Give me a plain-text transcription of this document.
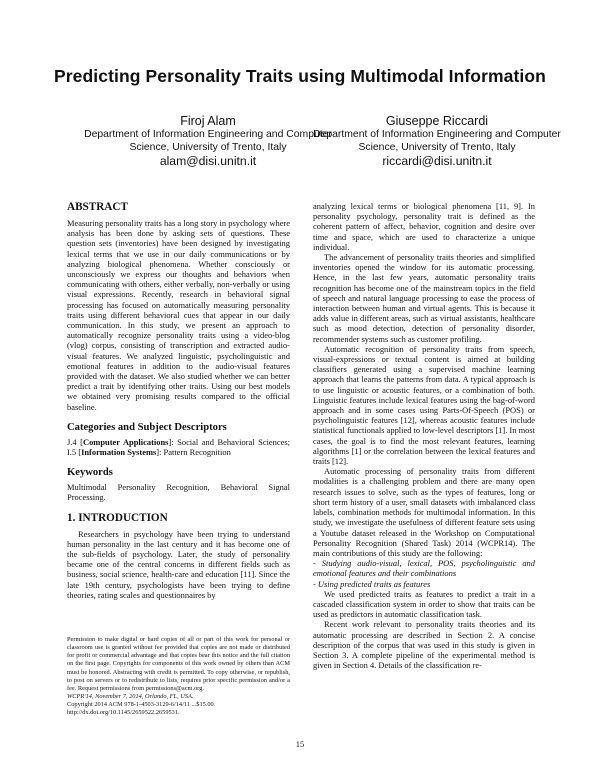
Predicting Personality Traits using Multimodal Information
Firoj Alam
Department of Information Engineering and Computer Science, University of Trento, Italy
alam@disi.unitn.it
Giuseppe Riccardi
Department of Information Engineering and Computer Science, University of Trento, Italy
riccardi@disi.unitn.it
ABSTRACT

Measuring personality traits has a long story in psychology where analysis has been done by asking sets of questions. These question sets (inventories) have been designed by investigating lexical terms that we use in our daily communications or by analyzing biological phenomena. Whether consciously or unconsciously we express our thoughts and behaviors when communicating with others, either verbally, non-verbally or using visual expressions. Recently, research in behavioral signal processing has focused on automatically measuring personality traits using different behavioral cues that appear in our daily communication. In this study, we present an approach to automatically recognize personality traits using a video-blog (vlog) corpus, consisting of transcription and extracted audio-visual features. We analyzed linguistic, psycholinguistic and emotional features in addition to the audio-visual features provided with the dataset. We also studied whether we can better predict a trait by identifying other traits. Using our best models we obtained very promising results compared to the official baseline.

Categories and Subject Descriptors

J.4 [Computer Applications]: Social and Behavioral Sciences; I.5 [Information Systems]: Pattern Recognition

Keywords

Multimodal Personality Recognition, Behavioral Signal Processing.

1. INTRODUCTION

Researchers in psychology have been trying to understand human personality in the last century and it has become one of the sub-fields of psychology. Later, the study of personality became one of the central concerns in different fields such as business, social science, health-care and education [11]. Since the late 19th century, psychologists have been trying to define theories, rating scales and questionnaires by

Permission to make digital or hard copies of all or part of this work for personal or classroom use is granted without fee provided that copies are not made or distributed for profit or commercial advantage and that copies bear this notice and the full citation on the first page. Copyrights for components of this work owned by others than ACM must be honored. Abstracting with credit is permitted. To copy otherwise, or republish, to post on servers or to redistribute to lists, requires prior specific permission and/or a fee. Request permissions from permissions@acm.org.

WCPR'14, November 7, 2014, Orlando, FL, USA.

Copyright 2014 ACM 978-1-4503-3129-6/14/11 ...$15.00.

http://dx.doi.org/10.1145/2659522.2659531.

analyzing lexical terms or biological phenomena [11, 9]. In personality psychology, personality trait is defined as the coherent pattern of affect, behavior, cognition and desire over time and space, which are used to characterize a unique individual.

The advancement of personality traits theories and simplified inventories opened the window for its automatic processing. Hence, in the last few years, automatic personality traits recognition has become one of the mainstream topics in the field of speech and natural language processing to ease the process of interaction between human and virtual agents. This is because it adds value in different areas, such as virtual assistants, healthcare such as mood detection, detection of personality disorder, recommender systems such as customer profiling.

Automatic recognition of personality traits from speech, visual-expressions or textual content is aimed at building classifiers generated using a supervised machine learning approach that learns the patterns from data. A typical approach is to use linguistic or acoustic features, or a combination of both. Linguistic features include lexical features using the bag-of-word approach and in some cases using Parts-Of-Speech (POS) or psycholinguistic features [12], whereas acoustic features include statistical functionals applied to low-level descriptors [1]. In most cases, the goal is to find the most relevant features, learning algorithms [1] or the correlation between the lexical features and traits [12].

Automatic processing of personality traits from different modalities is a challenging problem and there are many open research issues to solve, such as the types of features, long or short term history of a user, small datasets with imbalanced class labels, combination methods for multimodal information. In this study, we investigate the usefulness of different feature sets using a Youtube dataset released in the Workshop on Computational Personality Recognition (Shared Task) 2014 (WCPR14). The main contributions of this study are the following:

- Studying audio-visual, lexical, POS, psycholinguistic and emotional features and their combinations

- Using predicted traits as features

We used predicted traits as features to predict a trait in a cascaded classification system in order to show that traits can be used as predictors in automatic classification task.

Recent work relevant to personality traits theories and its automatic processing are described in Section 2. A concise description of the corpus that was used in this study is given in Section 3. A complete pipeline of the experimental method is given in Section 4. Details of the classification re-

15
